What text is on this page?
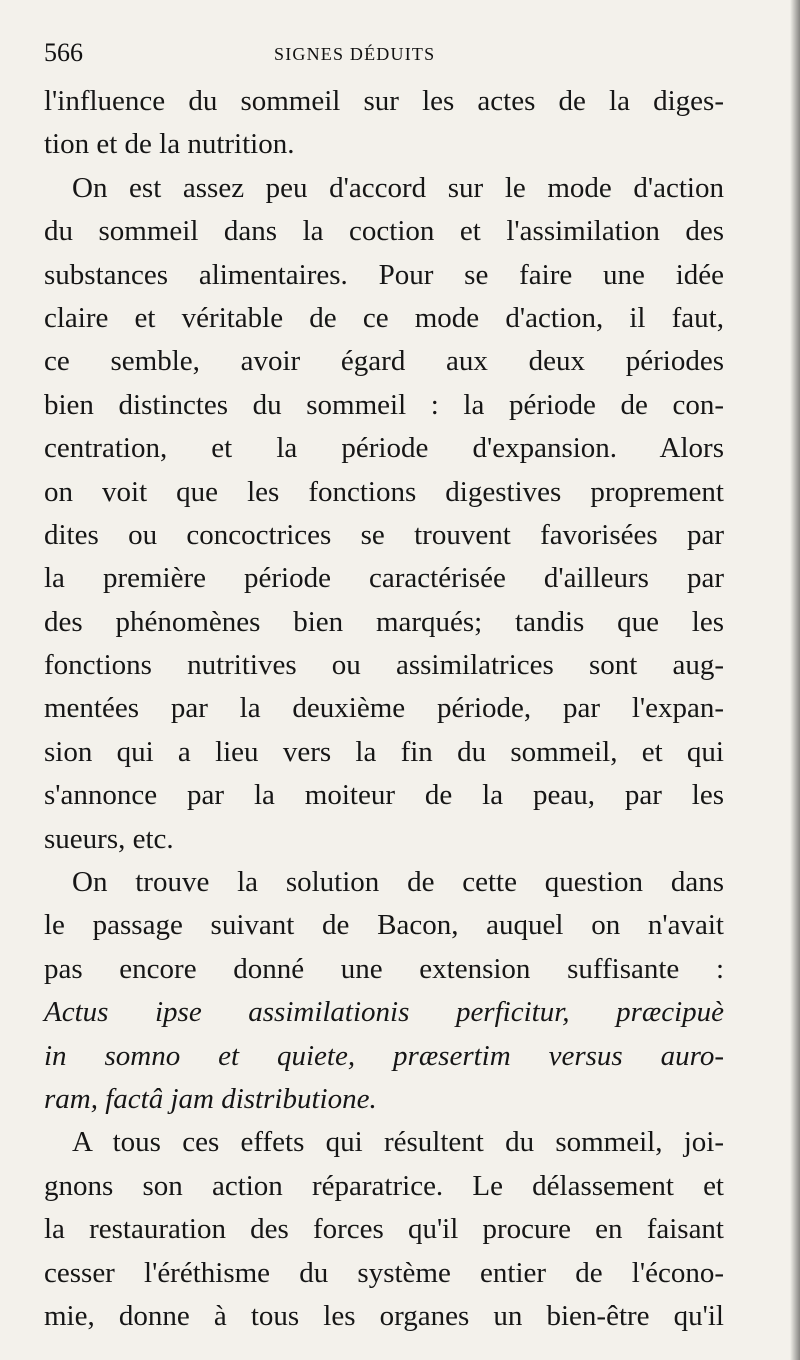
566	SIGNES DÉDUITS
l'influence du sommeil sur les actes de la diges-
tion et de la nutrition.
On est assez peu d'accord sur le mode d'action
du sommeil dans la coction et l'assimilation des
substances alimentaires. Pour se faire une idée
claire et véritable de ce mode d'action, il faut,
ce semble, avoir égard aux deux périodes
bien distinctes du sommeil : la période de con-
centration, et la période d'expansion. Alors
on voit que les fonctions digestives proprement
dites ou concoctrices se trouvent favorisées par
la première période caractérisée d'ailleurs par
des phénomènes bien marqués; tandis que les
fonctions nutritives ou assimilatrices sont aug-
mentées par la deuxième période, par l'expan-
sion qui a lieu vers la fin du sommeil, et qui
s'annonce par la moiteur de la peau, par les
sueurs, etc.
On trouve la solution de cette question dans
le passage suivant de Bacon, auquel on n'avait
pas encore donné une extension suffisante :
Actus ipse assimilationis perficitur, præcipuè
in somno et quiete, præsertim versus auro-
ram, factâ jam distributione.
A tous ces effets qui résultent du sommeil, joi-
gnons son action réparatrice. Le délassement et
la restauration des forces qu'il procure en faisant
cesser l'éréthisme du système entier de l'écono-
mie, donne à tous les organes un bien-être qu'il
